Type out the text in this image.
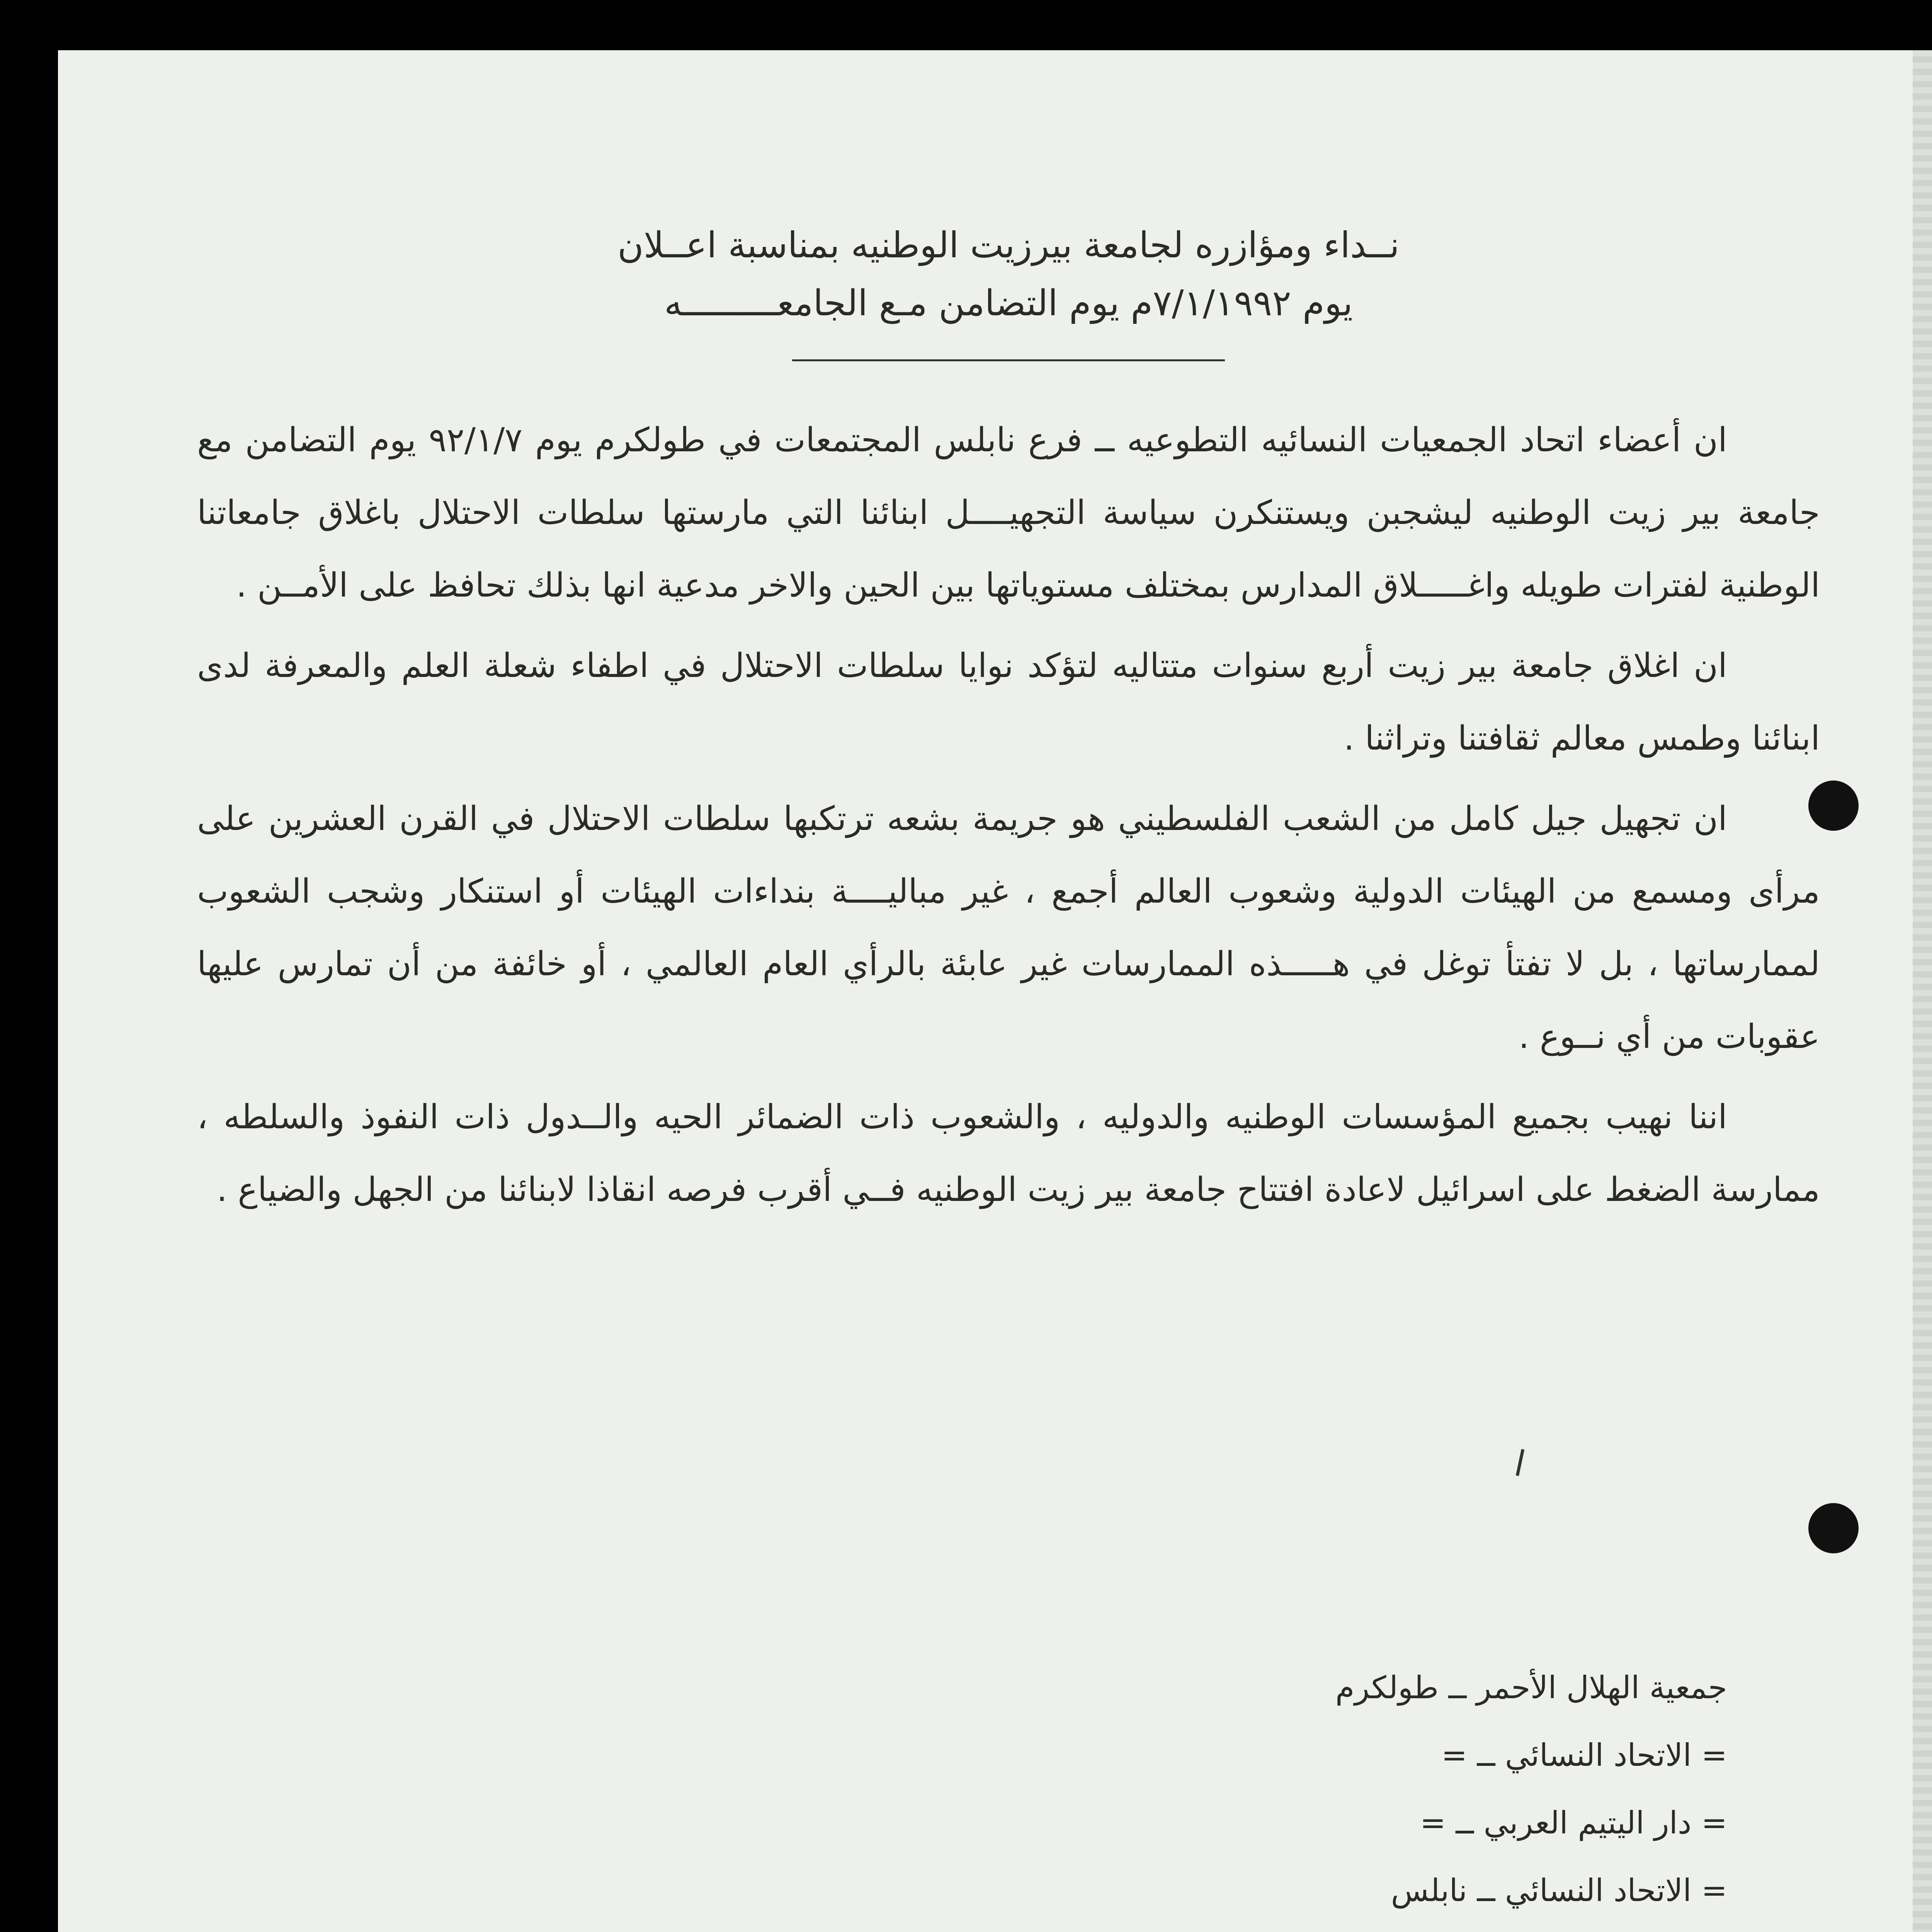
نــداء ومؤازره لجامعة بيرزيت الوطنيه بمناسبة اعــلان

يوم ٧/١/١٩٩٢م يوم التضامن مـع الجامعـــــــــه

ان أعضاء اتحاد الجمعيات النسائيه التطوعيه ــ فرع نابلس المجتمعات في طولكرم يوم ٩٢/١/٧ يوم التضامن مع جامعة بير زيت الوطنيه ليشجبن ويستنكرن سياسة التجهيــــل ابنائنا التي مارستها سلطات الاحتلال باغلاق جامعاتنا الوطنية لفترات طويله واغـــــلاق المدارس بمختلف مستوياتها بين الحين والاخر مدعية انها بذلك تحافظ على الأمــن .

ان اغلاق جامعة بير زيت أربع سنوات متتاليه لتؤكد نوايا سلطات الاحتلال في اطفاء شعلة العلم والمعرفة لدى ابنائنا وطمس معالم ثقافتنا وتراثنا .

ان تجهيل جيل كامل من الشعب الفلسطيني هو جريمة بشعه ترتكبها سلطات الاحتلال في القرن العشرين على مرأى ومسمع من الهيئات الدولية وشعوب العالم أجمع ، غير مباليــــة بنداءات الهيئات أو استنكار وشجب الشعوب لممارساتها ، بل لا تفتأ توغل في هـــــذه الممارسات غير عابئة بالرأي العام العالمي ، أو خائفة من أن تمارس عليها عقوبات من أي نــوع .

اننا نهيب بجميع المؤسسات الوطنيه والدوليه ، والشعوب ذات الضمائر الحيه والــدول ذات النفوذ والسلطه ، ممارسة الضغط على اسرائيل لاعادة افتتاح جامعة بير زيت الوطنيه فــي أقرب فرصه انقاذا لابنائنا من الجهل والضياع .

جمعية الهلال الأحمر ــ طولكرم
= الاتحاد النسائي ــ =
= دار اليتيم العربي ــ =
= الاتحاد النسائي ــ نابلس
